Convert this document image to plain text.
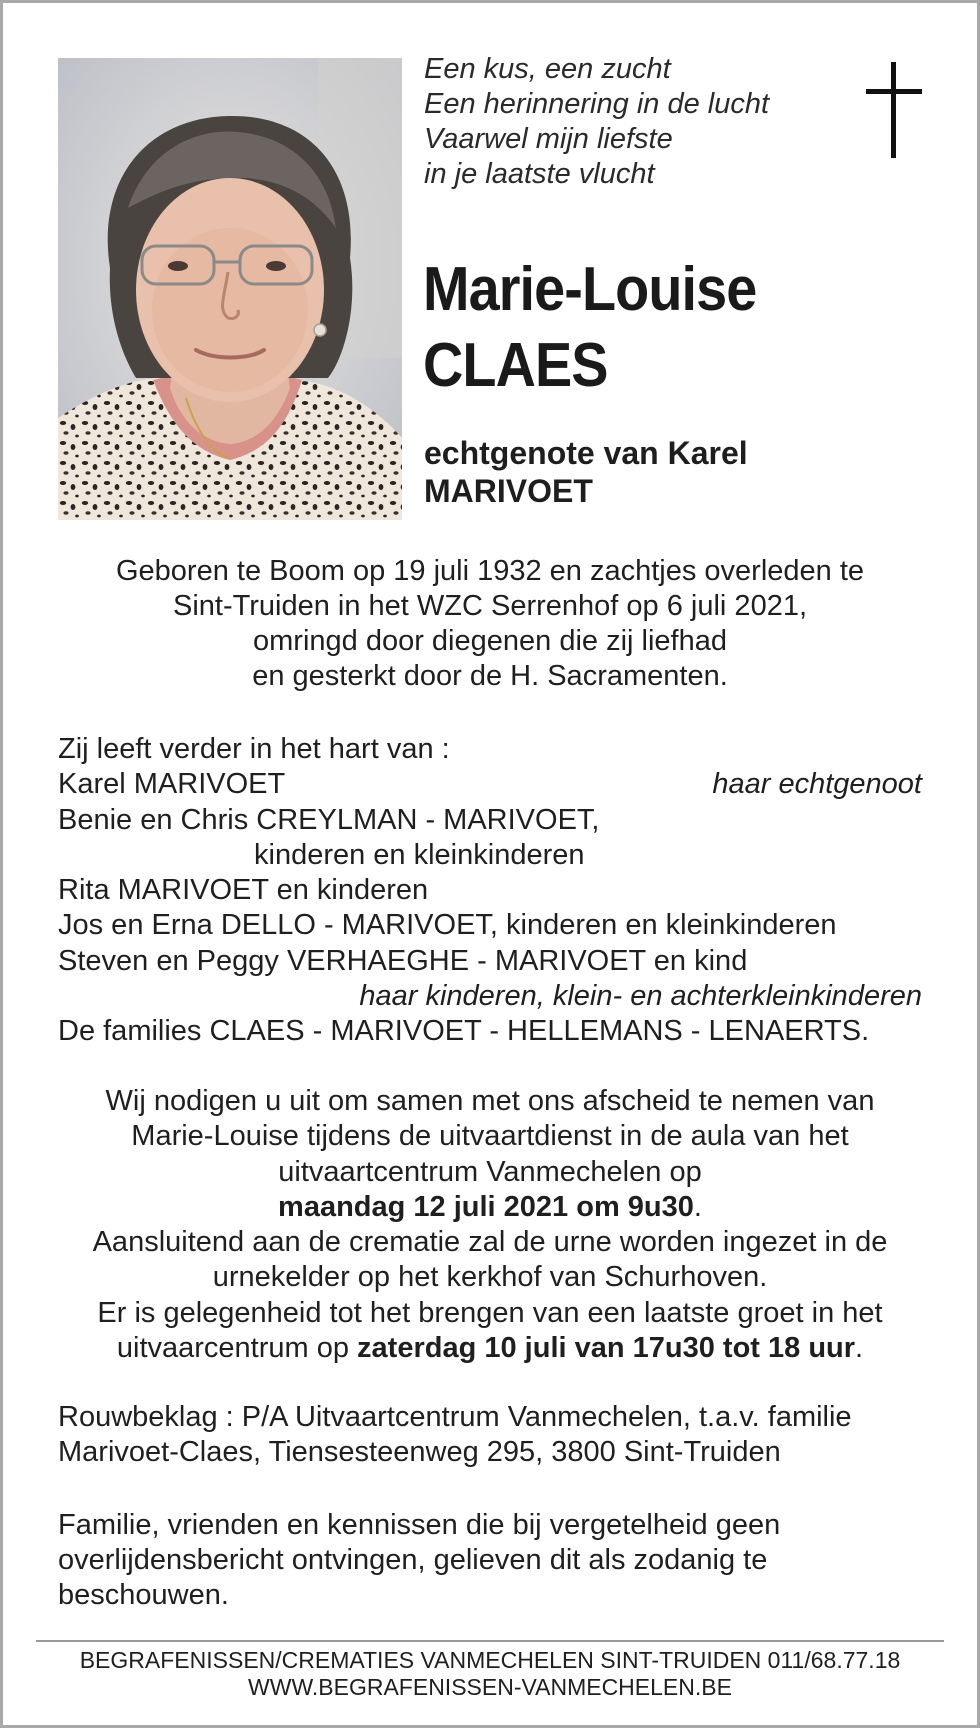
Een kus, een zucht
Een herinnering in de lucht
Vaarwel mijn liefste
in je laatste vlucht
Marie-Louise
CLAES
echtgenote van Karel
MARIVOET
Geboren te Boom op 19 juli 1932 en zachtjes overleden te
Sint-Truiden in het WZC Serrenhof op 6 juli 2021,
omringd door diegenen die zij liefhad
en gesterkt door de H. Sacramenten.
Zij leeft verder in het hart van :
Karel MARIVOET	haar echtgenoot
Benie en Chris CREYLMAN - MARIVOET,
kinderen en kleinkinderen
Rita MARIVOET en kinderen
Jos en Erna DELLO - MARIVOET, kinderen en kleinkinderen
Steven en Peggy VERHAEGHE - MARIVOET en kind
haar kinderen, klein- en achterkleinkinderen
De families CLAES - MARIVOET - HELLEMANS - LENAERTS.
Wij nodigen u uit om samen met ons afscheid te nemen van
Marie-Louise tijdens de uitvaartdienst in de aula van het
uitvaartcentrum Vanmechelen op
maandag 12 juli 2021 om 9u30.
Aansluitend aan de crematie zal de urne worden ingezet in de
urnekelder op het kerkhof van Schurhoven.
Er is gelegenheid tot het brengen van een laatste groet in het
uitvaarcentrum op zaterdag 10 juli van 17u30 tot 18 uur.
Rouwbeklag : P/A Uitvaartcentrum Vanmechelen, t.a.v. familie
Marivoet-Claes, Tiensesteenweg 295, 3800 Sint-Truiden
Familie, vrienden en kennissen die bij vergetelheid geen
overlijdensbericht ontvingen, gelieven dit als zodanig te
beschouwen.
BEGRAFENISSEN/CREMATIES VANMECHELEN SINT-TRUIDEN 011/68.77.18
WWW.BEGRAFENISSEN-VANMECHELEN.BE
